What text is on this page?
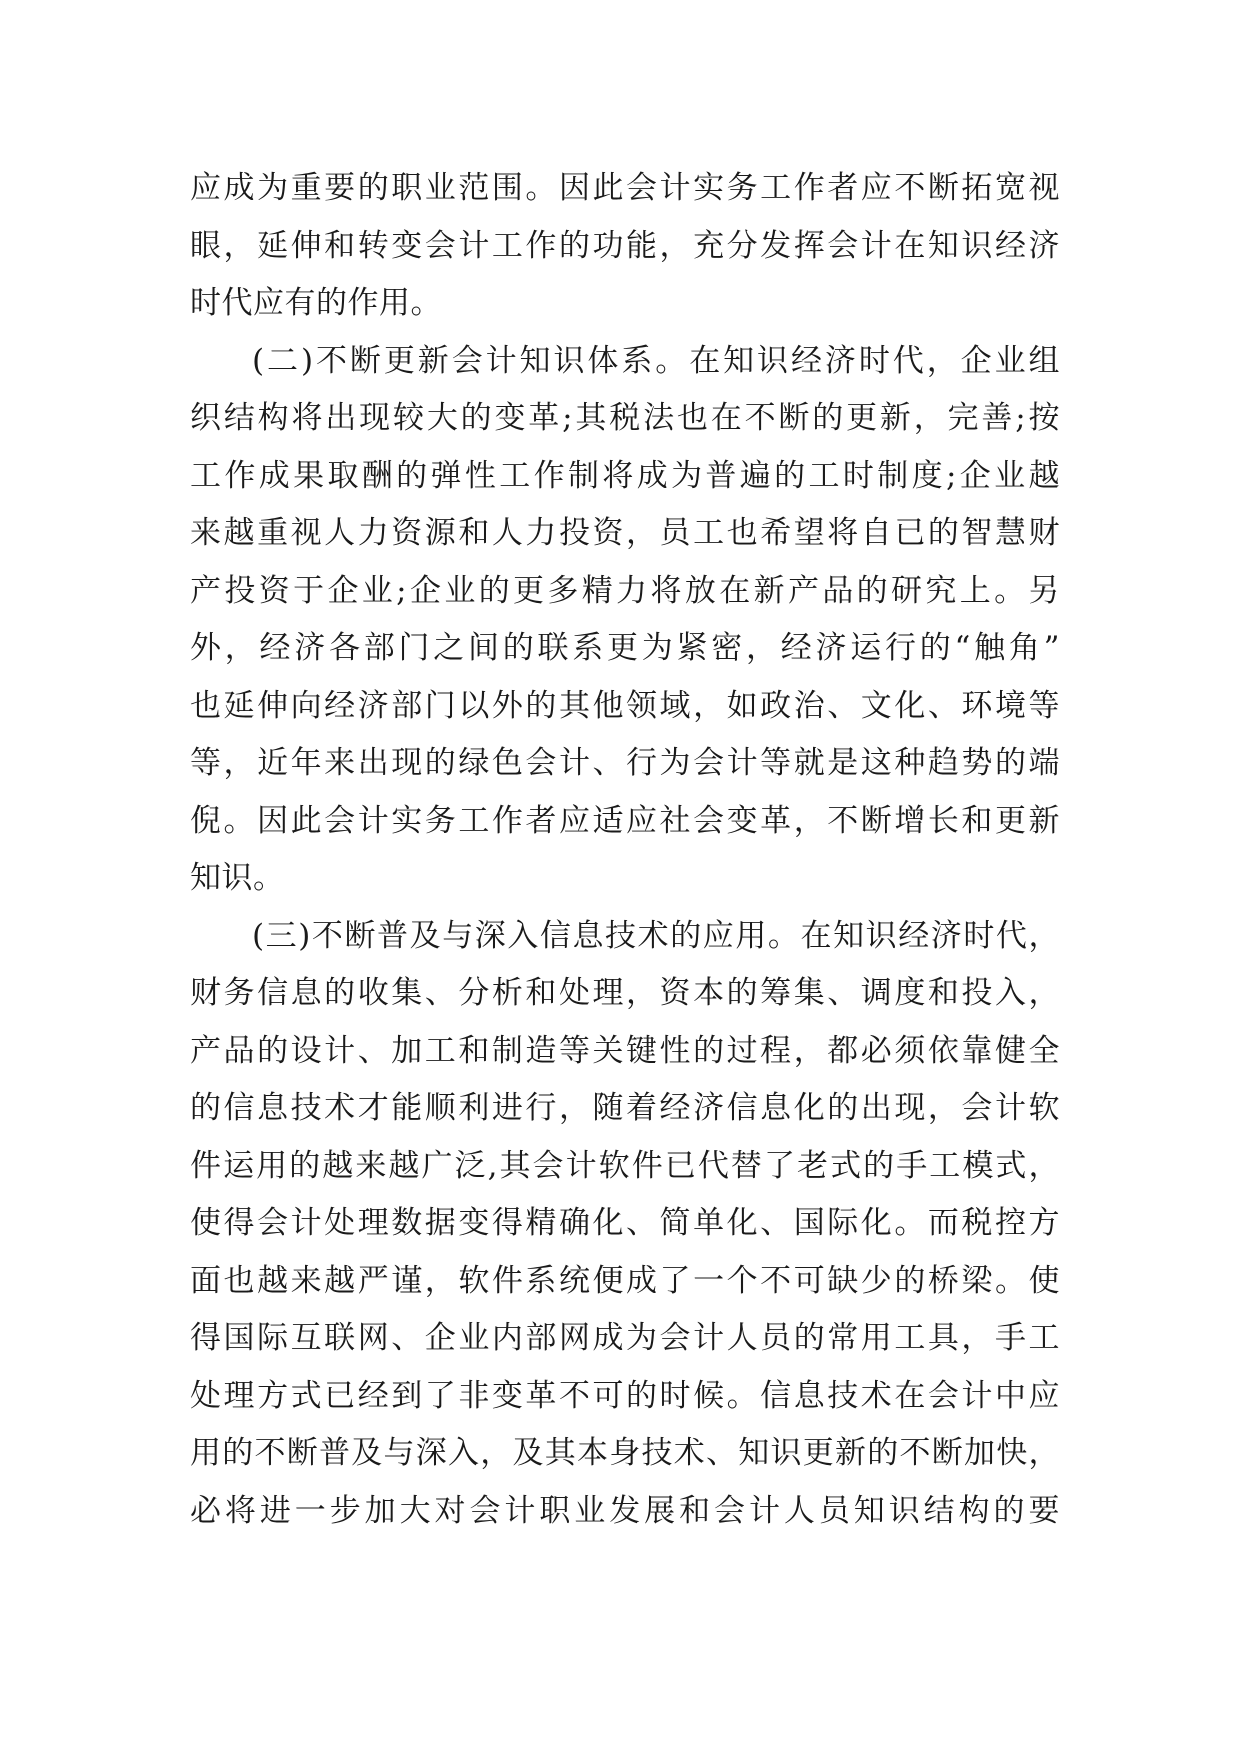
应成为重要的职业范围。因此会计实务工作者应不断拓宽视
眼，延伸和转变会计工作的功能，充分发挥会计在知识经济
时代应有的作用。
(二)不断更新会计知识体系。在知识经济时代，企业组
织结构将出现较大的变革;其税法也在不断的更新，完善;按
工作成果取酬的弹性工作制将成为普遍的工时制度;企业越
来越重视人力资源和人力投资，员工也希望将自已的智慧财
产投资于企业;企业的更多精力将放在新产品的研究上。另
外，经济各部门之间的联系更为紧密，经济运行的“触角”
也延伸向经济部门以外的其他领域，如政治、文化、环境等
等，近年来出现的绿色会计、行为会计等就是这种趋势的端
倪。因此会计实务工作者应适应社会变革，不断增长和更新
知识。
(三)不断普及与深入信息技术的应用。在知识经济时代，
财务信息的收集、分析和处理，资本的筹集、调度和投入，
产品的设计、加工和制造等关键性的过程，都必须依靠健全
的信息技术才能顺利进行，随着经济信息化的出现，会计软
件运用的越来越广泛,其会计软件已代替了老式的手工模式，
使得会计处理数据变得精确化、简单化、国际化。而税控方
面也越来越严谨，软件系统便成了一个不可缺少的桥梁。使
得国际互联网、企业内部网成为会计人员的常用工具，手工
处理方式已经到了非变革不可的时候。信息技术在会计中应
用的不断普及与深入，及其本身技术、知识更新的不断加快，
必将进一步加大对会计职业发展和会计人员知识结构的要
